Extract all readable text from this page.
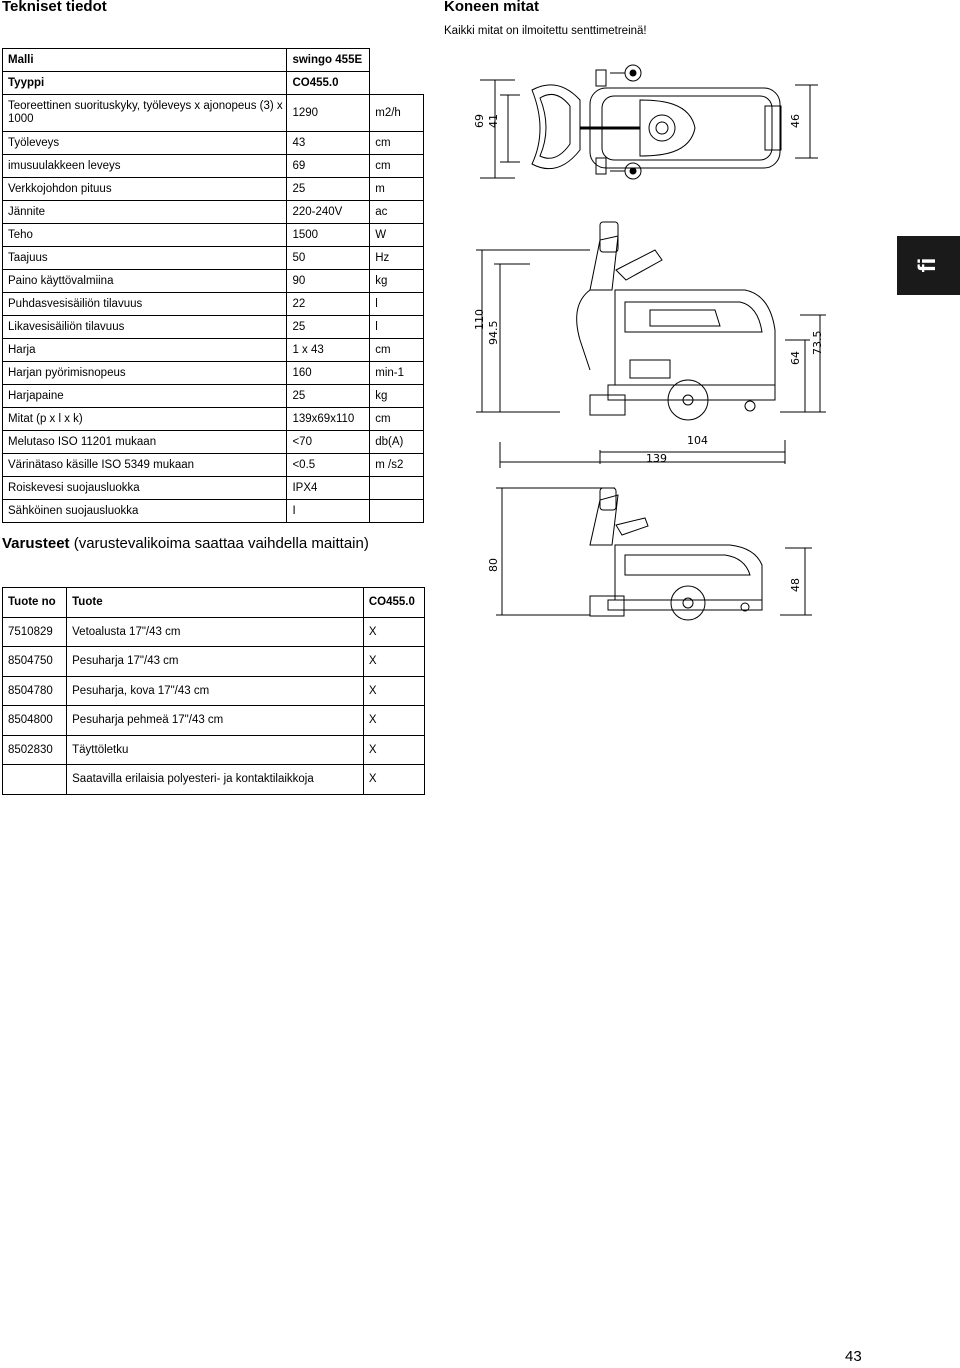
Tekniset tiedot	Koneen mitat
Kaikki mitat on ilmoitettu senttimetreinä!
Malli	swingo 455E	
Tyyppi	CO455.0	
Teoreettinen suorituskyky, työleveys x ajonopeus (3) x 1000	1290	m2/h
Työleveys	43	cm
imusuulakkeen leveys	69	cm
Verkkojohdon pituus	25	m
Jännite	220-240V	ac
Teho	1500	W
Taajuus	50	Hz
Paino käyttövalmiina	90	kg
Puhdasvesisäiliön tilavuus	22	l
Likavesisäiliön tilavuus	25	l
Harja	1 x 43	cm
Harjan pyörimisnopeus	160	min-1
Harjapaine	25	kg
Mitat (p x l x k)	139x69x110	cm
Melutaso ISO 11201 mukaan	<70	db(A)
Värinätaso käsille ISO 5349 mukaan	<0.5	m /s2
Roiskevesi suojausluokka	IPX4	
Sähköinen suojausluokka	I	
Varusteet (varustevalikoima saattaa vaihdella maittain)
Tuote no	Tuote	CO455.0
7510829	Vetoalusta 17"/43 cm	X
8504750	Pesuharja 17"/43 cm	X
8504780	Pesuharja, kova 17"/43 cm	X
8504800	Pesuharja pehmeä 17"/43 cm	X
8502830	Täyttöletku	X
	Saatavilla erilaisia polyesteri- ja kontaktilaikkoja	X
69 41	46
110
94.5
64
73.5
104
139
80
48
fi
43
